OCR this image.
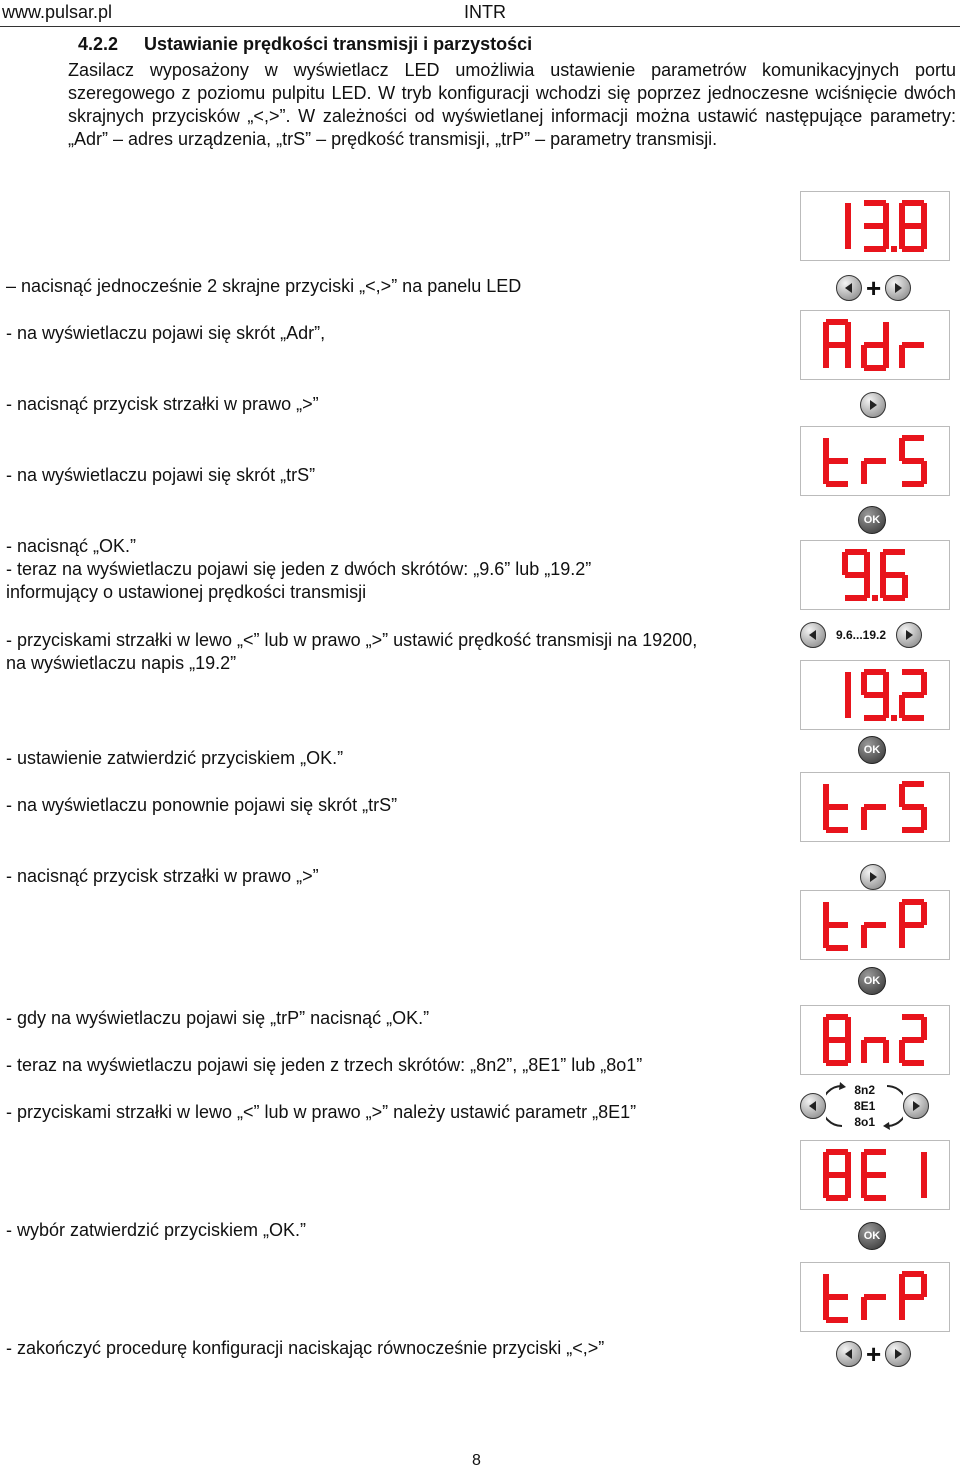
www.pulsar.pl	INTR
4.2.2 Ustawianie prędkości transmisji i parzystości

Zasilacz wyposażony w wyświetlacz LED umożliwia ustawienie parametrów komunikacyjnych portu szeregowego z poziomu pulpitu LED. W tryb konfiguracji wchodzi się poprzez jednoczesne wciśnięcie dwóch skrajnych przycisków „<,>”. W zależności od wyświetlanej informacji można ustawić następujące parametry: „Adr” – adres urządzenia, „trS” – prędkość transmisji, „trP” – parametry transmisji.

– nacisnąć jednocześnie 2 skrajne przyciski „<,>” na panelu LED
- na wyświetlaczu pojawi się skrót „Adr”,
- nacisnąć przycisk strzałki w prawo „>”
- na wyświetlaczu pojawi się skrót „trS”
- nacisnąć „OK.”
- teraz na wyświetlaczu pojawi się jeden z dwóch skrótów: „9.6” lub „19.2” informujący o ustawionej prędkości transmisji
- przyciskami strzałki w lewo „<” lub w prawo „>” ustawić prędkość transmisji na 19200, na wyświetlaczu napis „19.2”
- ustawienie zatwierdzić przyciskiem „OK.”
- na wyświetlaczu ponownie pojawi się skrót „trS”
- nacisnąć przycisk strzałki w prawo „>”
- gdy na wyświetlaczu pojawi się „trP” nacisnąć „OK.”
- teraz na wyświetlaczu pojawi się jeden z trzech skrótów: „8n2”, „8E1” lub „8o1”
- przyciskami strzałki w lewo „<” lub w prawo „>” należy ustawić parametr „8E1”
- wybór zatwierdzić przyciskiem „OK.”
- zakończyć procedurę konfiguracji naciskając równocześnie przyciski „<,>”
+
OK
9.6...19.2
OK
OK
8n2
8E1
8o1
OK
+
8
